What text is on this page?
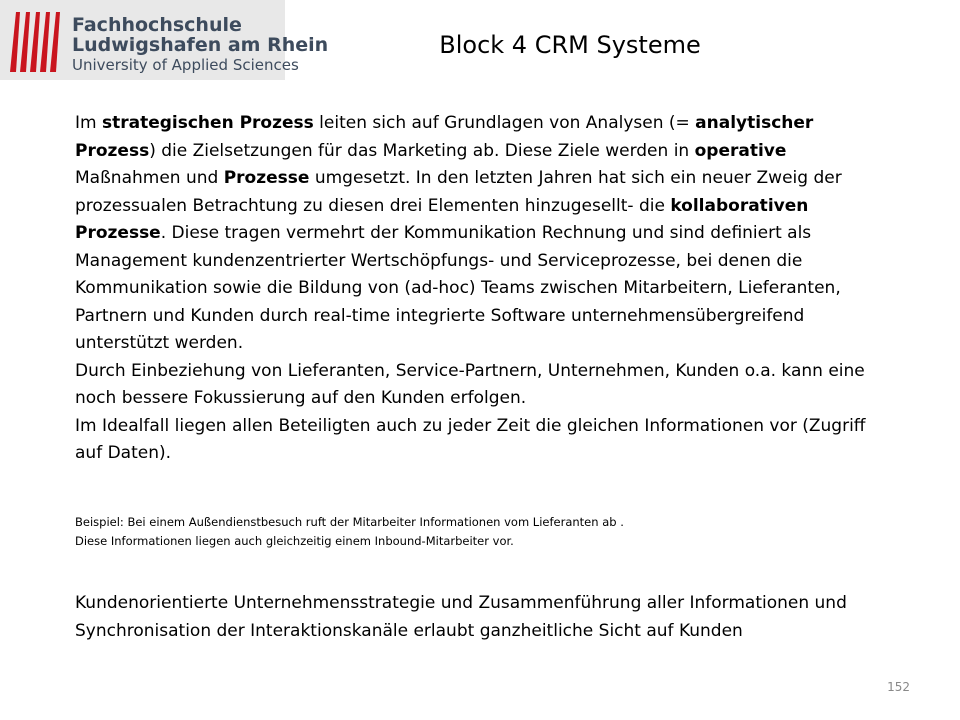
Fachhochschule
Ludwigshafen am Rhein
University of Applied Sciences
Block 4 CRM Systeme

Im strategischen Prozess leiten sich auf Grundlagen von Analysen (= analytischer Prozess) die Zielsetzungen für das Marketing ab. Diese Ziele werden in operative Maßnahmen und Prozesse umgesetzt. In den letzten Jahren hat sich ein neuer Zweig der prozessualen Betrachtung zu diesen drei Elementen hinzugesellt- die kollaborativen Prozesse. Diese tragen vermehrt der Kommunikation Rechnung und sind definiert als Management kundenzentrierter Wertschöpfungs- und Serviceprozesse, bei denen die Kommunikation sowie die Bildung von (ad-hoc) Teams zwischen Mitarbeitern, Lieferanten, Partnern und Kunden durch real-time integrierte Software unternehmensübergreifend unterstützt werden.

Durch Einbeziehung von Lieferanten, Service-Partnern, Unternehmen, Kunden o.a. kann eine noch bessere Fokussierung auf den Kunden erfolgen.

Im Idealfall liegen allen Beteiligten auch zu jeder Zeit die gleichen Informationen vor (Zugriff auf Daten).

Beispiel: Bei einem Außendienstbesuch ruft der Mitarbeiter Informationen vom Lieferanten ab .
Diese Informationen liegen auch gleichzeitig einem Inbound-Mitarbeiter vor.
Kundenorientierte Unternehmensstrategie und Zusammenführung aller Informationen und Synchronisation der Interaktionskanäle erlaubt ganzheitliche Sicht auf Kunden
152
